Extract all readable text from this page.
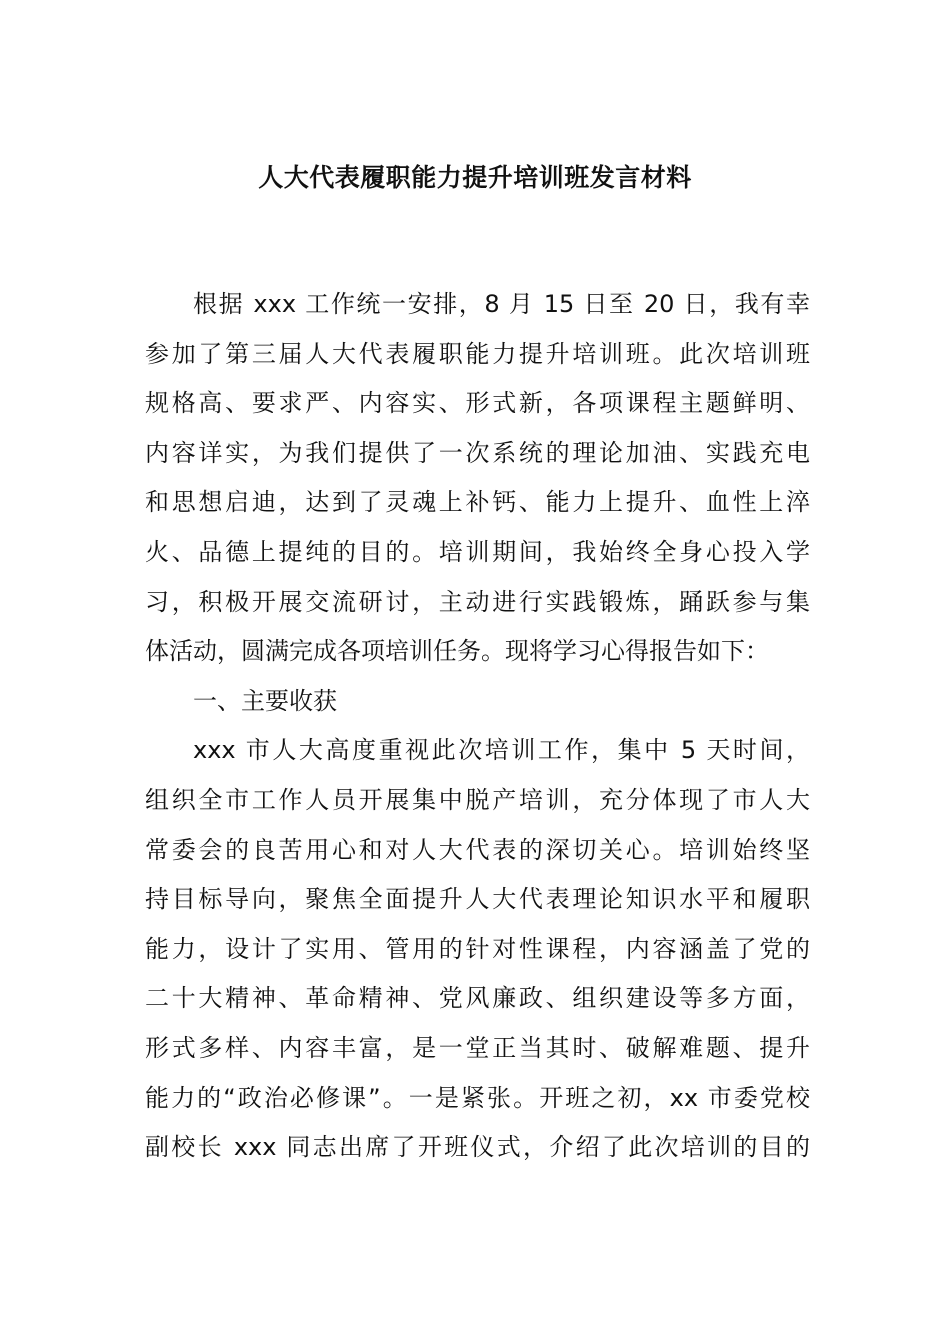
人大代表履职能力提升培训班发言材料
根据 xxx 工作统一安排，8 月 15 日至 20 日，我有幸
参加了第三届人大代表履职能力提升培训班。此次培训班
规格高、要求严、内容实、形式新，各项课程主题鲜明、
内容详实，为我们提供了一次系统的理论加油、实践充电
和思想启迪，达到了灵魂上补钙、能力上提升、血性上淬
火、品德上提纯的目的。培训期间，我始终全身心投入学
习，积极开展交流研讨，主动进行实践锻炼，踊跃参与集
体活动，圆满完成各项培训任务。现将学习心得报告如下：
一、主要收获
xxx 市人大高度重视此次培训工作，集中 5 天时间，
组织全市工作人员开展集中脱产培训，充分体现了市人大
常委会的良苦用心和对人大代表的深切关心。培训始终坚
持目标导向，聚焦全面提升人大代表理论知识水平和履职
能力，设计了实用、管用的针对性课程，内容涵盖了党的
二十大精神、革命精神、党风廉政、组织建设等多方面，
形式多样、内容丰富，是一堂正当其时、破解难题、提升
能力的“政治必修课”。一是紧张。开班之初，xx 市委党校
副校长 xxx 同志出席了开班仪式，介绍了此次培训的目的
